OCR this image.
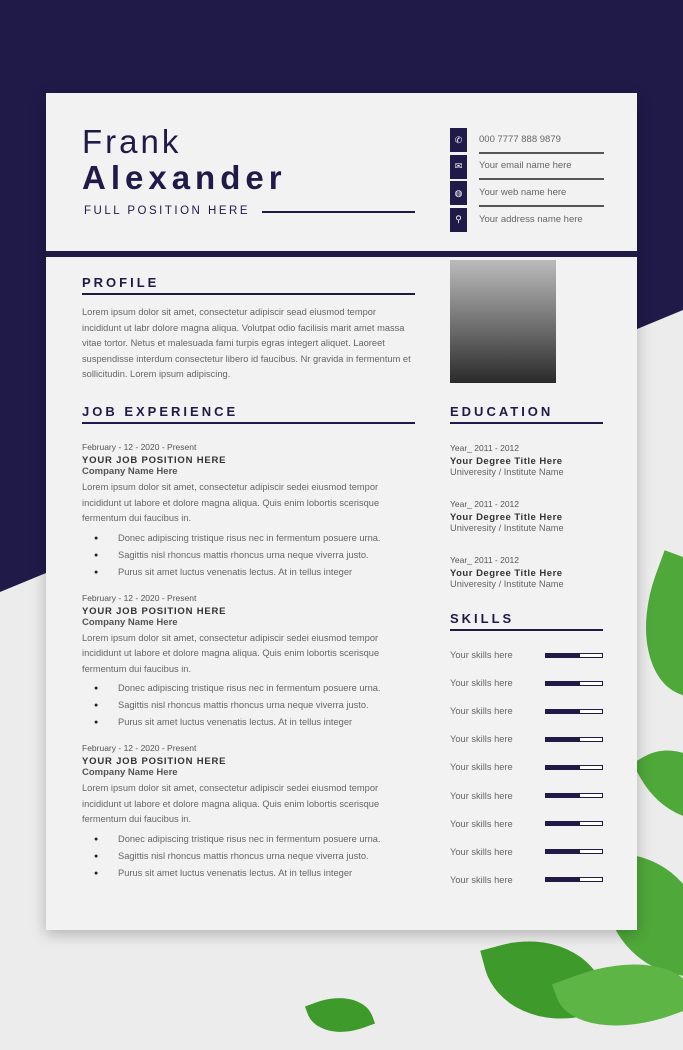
Frank
Alexander
FULL POSITION HERE
✆	000 7777 888 9879
✉	Your email name here
◍	Your web name here
⚲	Your address name here
PROFILE
Lorem ipsum dolor sit amet, consectetur adipiscir sead eiusmod tempor incididunt ut labr dolore magna aliqua. Volutpat odio facilisis marit amet massa vitae tortor. Netus et malesuada fami turpis egras integert aliquet. Laoreet suspendisse interdum consectetur libero id faucibus. Nr gravida in fermentum et sollicitudin. Lorem ipsum adipiscing.
JOB EXPERIENCE
February - 12 - 2020 - Present
YOUR JOB POSITION HERE
Company Name Here
Lorem ipsum dolor sit amet, consectetur adipiscir sedei eiusmod tempor incididunt ut labore et dolore magna aliqua. Quis enim lobortis scerisque fermentum dui faucibus in.
● Donec adipiscing tristique risus nec in fermentum posuere urna.
● Sagittis nisl rhoncus mattis rhoncus urna neque viverra justo.
● Purus sit amet luctus venenatis lectus. At in tellus integer
February - 12 - 2020 - Present
YOUR JOB POSITION HERE
Company Name Here
Lorem ipsum dolor sit amet, consectetur adipiscir sedei eiusmod tempor incididunt ut labore et dolore magna aliqua. Quis enim lobortis scerisque fermentum dui faucibus in.
● Donec adipiscing tristique risus nec in fermentum posuere urna.
● Sagittis nisl rhoncus mattis rhoncus urna neque viverra justo.
● Purus sit amet luctus venenatis lectus. At in tellus integer
February - 12 - 2020 - Present
YOUR JOB POSITION HERE
Company Name Here
Lorem ipsum dolor sit amet, consectetur adipiscir sedei eiusmod tempor incididunt ut labore et dolore magna aliqua. Quis enim lobortis scerisque fermentum dui faucibus in.
● Donec adipiscing tristique risus nec in fermentum posuere urna.
● Sagittis nisl rhoncus mattis rhoncus urna neque viverra justo.
● Purus sit amet luctus venenatis lectus. At in tellus integer
EDUCATION
Year_ 2011 - 2012
Your Degree Title Here
Univeresity / Institute Name
Year_ 2011 - 2012
Your Degree Title Here
Univeresity / Institute Name
Year_ 2011 - 2012
Your Degree Title Here
Univeresity / Institute Name
SKILLS
Your skills here
Your skills here
Your skills here
Your skills here
Your skills here
Your skills here
Your skills here
Your skills here
Your skills here
